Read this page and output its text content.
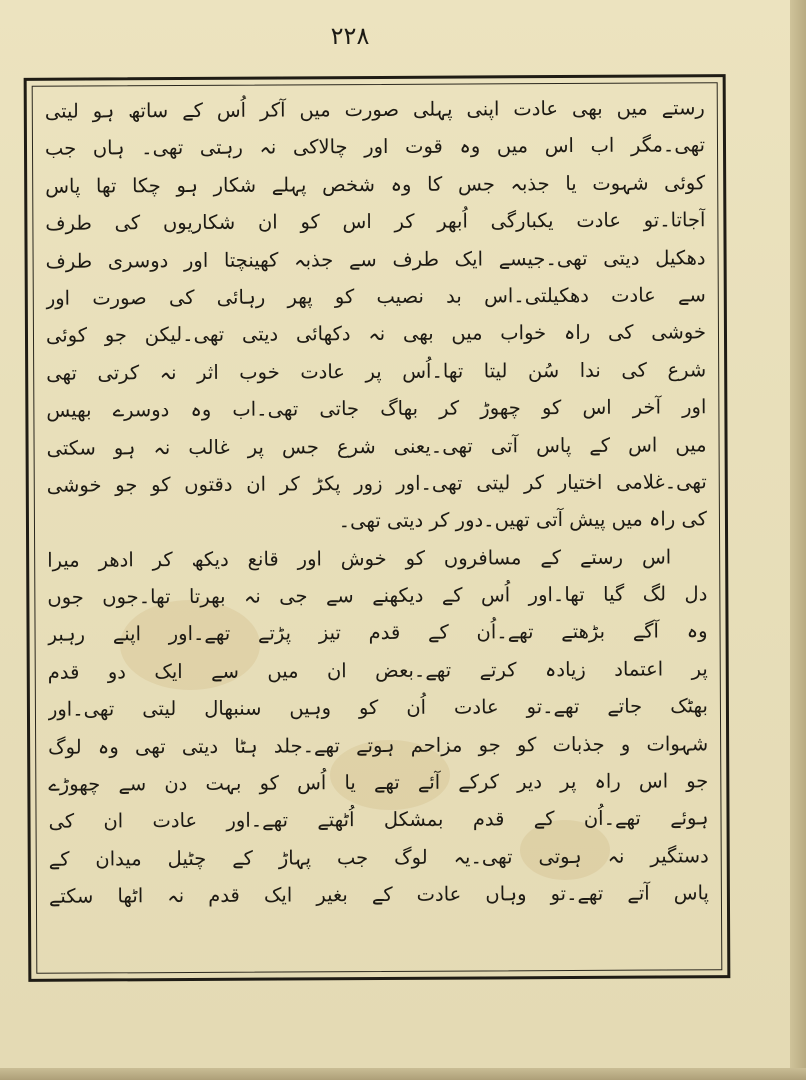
۲۲۸
رستے میں بھی عادت اپنی پہلی صورت میں آکر اُس کے ساتھ ہو لیتی
تھی۔مگر اب اس میں وہ قوت اور چالاکی نہ رہتی تھی۔ ہاں جب
کوئی شہوت یا جذبہ جس کا وہ شخص پہلے شکار ہو چکا تھا پاس
آجاتا۔تو عادت یکبارگی اُبھر کر اس کو ان شکاریوں کی طرف
دھکیل دیتی تھی۔جیسے ایک طرف سے جذبہ کھینچتا اور دوسری طرف
سے عادت دھکیلتی۔اس بد نصیب کو پھر رہائی کی صورت اور
خوشی کی راہ خواب میں بھی نہ دکھائی دیتی تھی۔لیکن جو کوئی
شرع کی ندا سُن لیتا تھا۔اُس پر عادت خوب اثر نہ کرتی تھی
اور آخر اس کو چھوڑ کر بھاگ جاتی تھی۔اب وہ دوسرے بھیس
میں اس کے پاس آتی تھی۔یعنی شرع جس پر غالب نہ ہو سکتی
تھی۔غلامی اختیار کر لیتی تھی۔اور زور پکڑ کر ان دقتوں کو جو خوشی
کی راہ میں پیش آتی تھیں۔دور کر دیتی تھی۔
اس رستے کے مسافروں کو خوش اور قانع دیکھ کر ادھر میرا
دل لگ گیا تھا۔اور اُس کے دیکھنے سے جی نہ بھرتا تھا۔جوں جوں
وہ آگے بڑھتے تھے۔اُن کے قدم تیز پڑتے تھے۔اور اپنے رہبر
پر اعتماد زیادہ کرتے تھے۔بعض ان میں سے ایک دو قدم
بھٹک جاتے تھے۔تو عادت اُن کو وہیں سنبھال لیتی تھی۔اور
شہوات و جذبات کو جو مزاحم ہوتے تھے۔جلد ہٹا دیتی تھی وہ لوگ
جو اس راہ پر دیر کرکے آئے تھے یا اُس کو بہت دن سے چھوڑے
ہوئے تھے۔اُن کے قدم بمشکل اُٹھتے تھے۔اور عادت ان کی
دستگیر نہ ہوتی تھی۔یہ لوگ جب پہاڑ کے چٹیل میدان کے
پاس آتے تھے۔تو وہاں عادت کے بغیر ایک قدم نہ اٹھا سکتے
